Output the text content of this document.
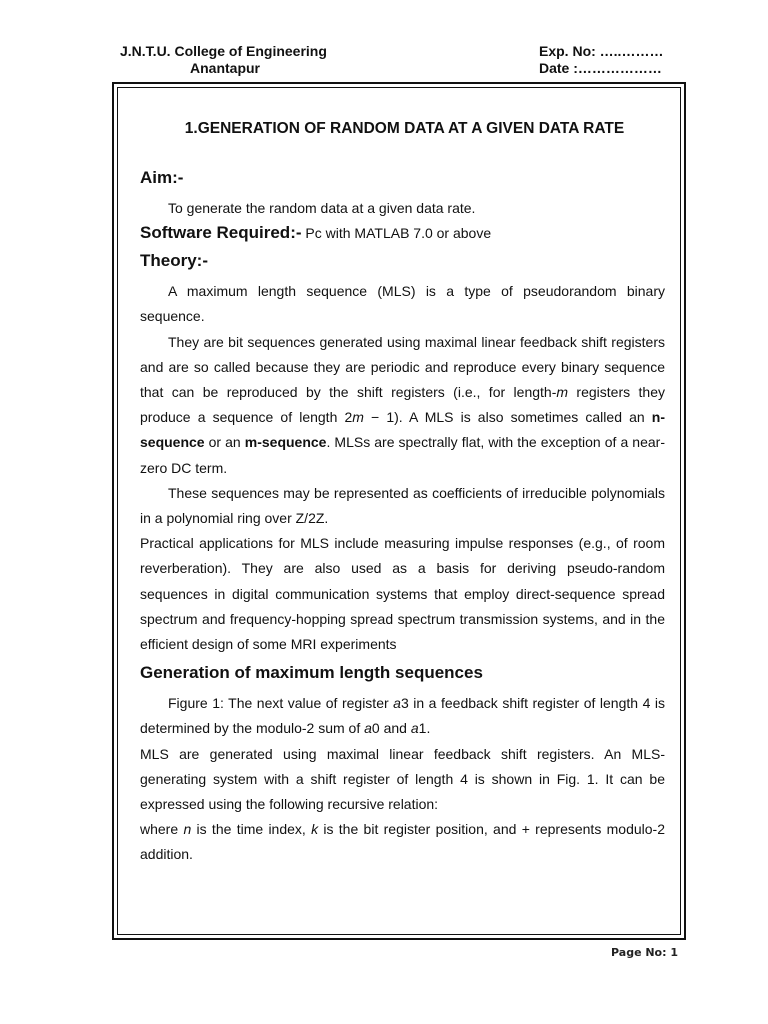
J.N.T.U. College of Engineering
Anantapur
Exp. No: …..………
Date :………………
1.GENERATION OF RANDOM DATA AT A GIVEN DATA RATE
Aim:-

To generate the random data at a given data rate.

Software Required:- Pc with MATLAB 7.0 or above
Theory:-

A maximum length sequence (MLS) is a type of pseudorandom binary sequence.

They are bit sequences generated using maximal linear feedback shift registers and are so called because they are periodic and reproduce every binary sequence that can be reproduced by the shift registers (i.e., for length-m registers they produce a sequence of length 2m − 1). A MLS is also sometimes called an n-sequence or an m-sequence. MLSs are spectrally flat, with the exception of a near-zero DC term.

These sequences may be represented as coefficients of irreducible polynomials in a polynomial ring over Z/2Z.

Practical applications for MLS include measuring impulse responses (e.g., of room reverberation). They are also used as a basis for deriving pseudo-random sequences in digital communication systems that employ direct-sequence spread spectrum and frequency-hopping spread spectrum transmission systems, and in the efficient design of some MRI experiments

Generation of maximum length sequences

Figure 1: The next value of register a3 in a feedback shift register of length 4 is determined by the modulo-2 sum of a0 and a1.

MLS are generated using maximal linear feedback shift registers. An MLS-generating system with a shift register of length 4 is shown in Fig. 1. It can be expressed using the following recursive relation:

where n is the time index, k is the bit register position, and + represents modulo-2 addition.

Page No: 1
